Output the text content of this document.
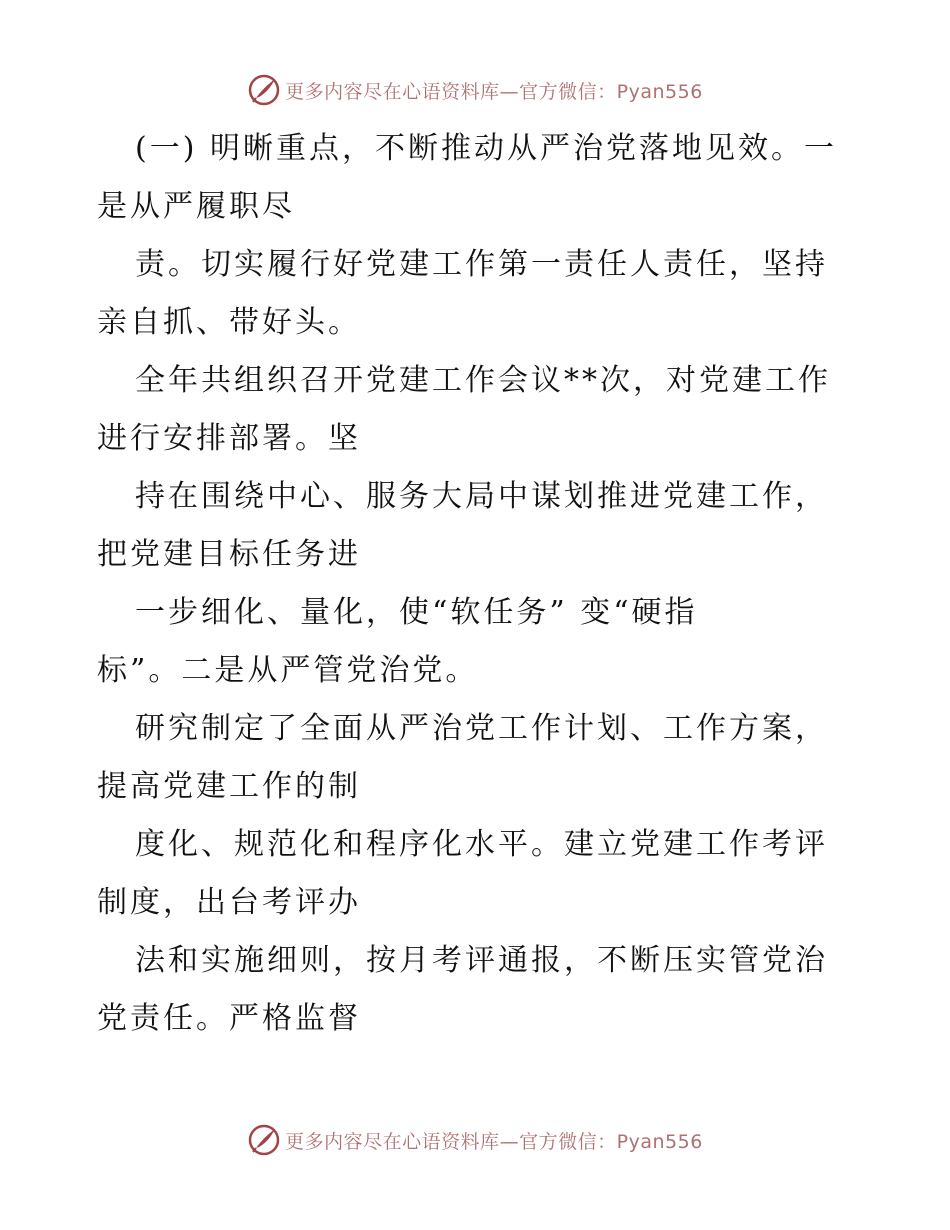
更多内容尽在心语资料库—官方微信：Pyan556

(一) 明晰重点，不断推动从严治党落地见效。一

是从严履职尽

责。切实履行好党建工作第一责任人责任，坚持

亲自抓、带好头。

全年共组织召开党建工作会议**次，对党建工作

进行安排部署。坚

持在围绕中心、服务大局中谋划推进党建工作，

把党建目标任务进

一步细化、量化，使“软任务” 变“硬指

标”。二是从严管党治党。

研究制定了全面从严治党工作计划、工作方案，

提高党建工作的制

度化、规范化和程序化水平。建立党建工作考评

制度，出台考评办

法和实施细则，按月考评通报，不断压实管党治

党责任。严格监督

更多内容尽在心语资料库—官方微信：Pyan556
